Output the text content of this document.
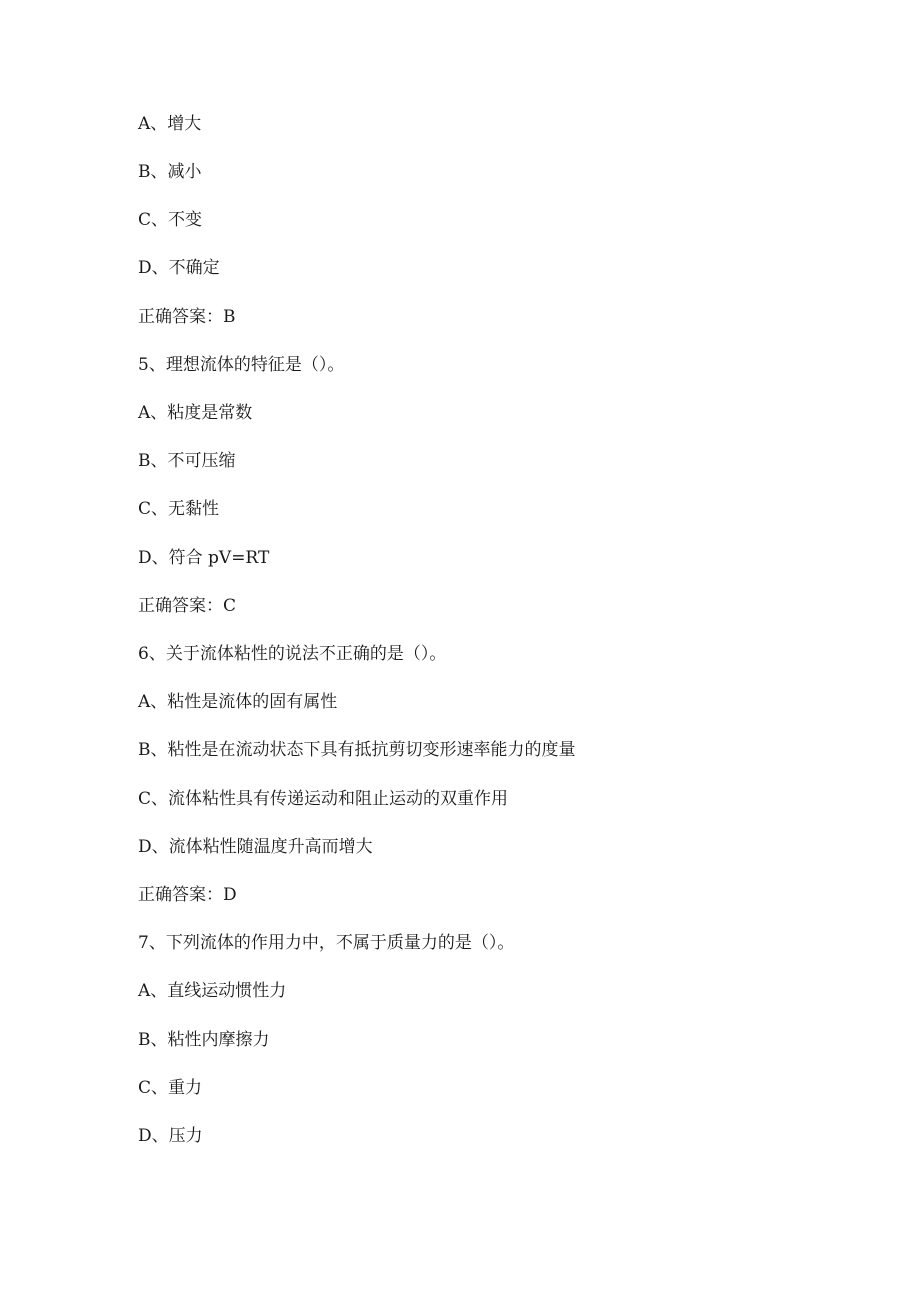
A、增大
B、减小
C、不变
D、不确定
正确答案：B
5、理想流体的特征是（）。
A、粘度是常数
B、不可压缩
C、无黏性
D、符合 pV=RT
正确答案：C
6、关于流体粘性的说法不正确的是（）。
A、粘性是流体的固有属性
B、粘性是在流动状态下具有抵抗剪切变形速率能力的度量
C、流体粘性具有传递运动和阻止运动的双重作用
D、流体粘性随温度升高而增大
正确答案：D
7、下列流体的作用力中，不属于质量力的是（）。
A、直线运动惯性力
B、粘性内摩擦力
C、重力
D、压力
